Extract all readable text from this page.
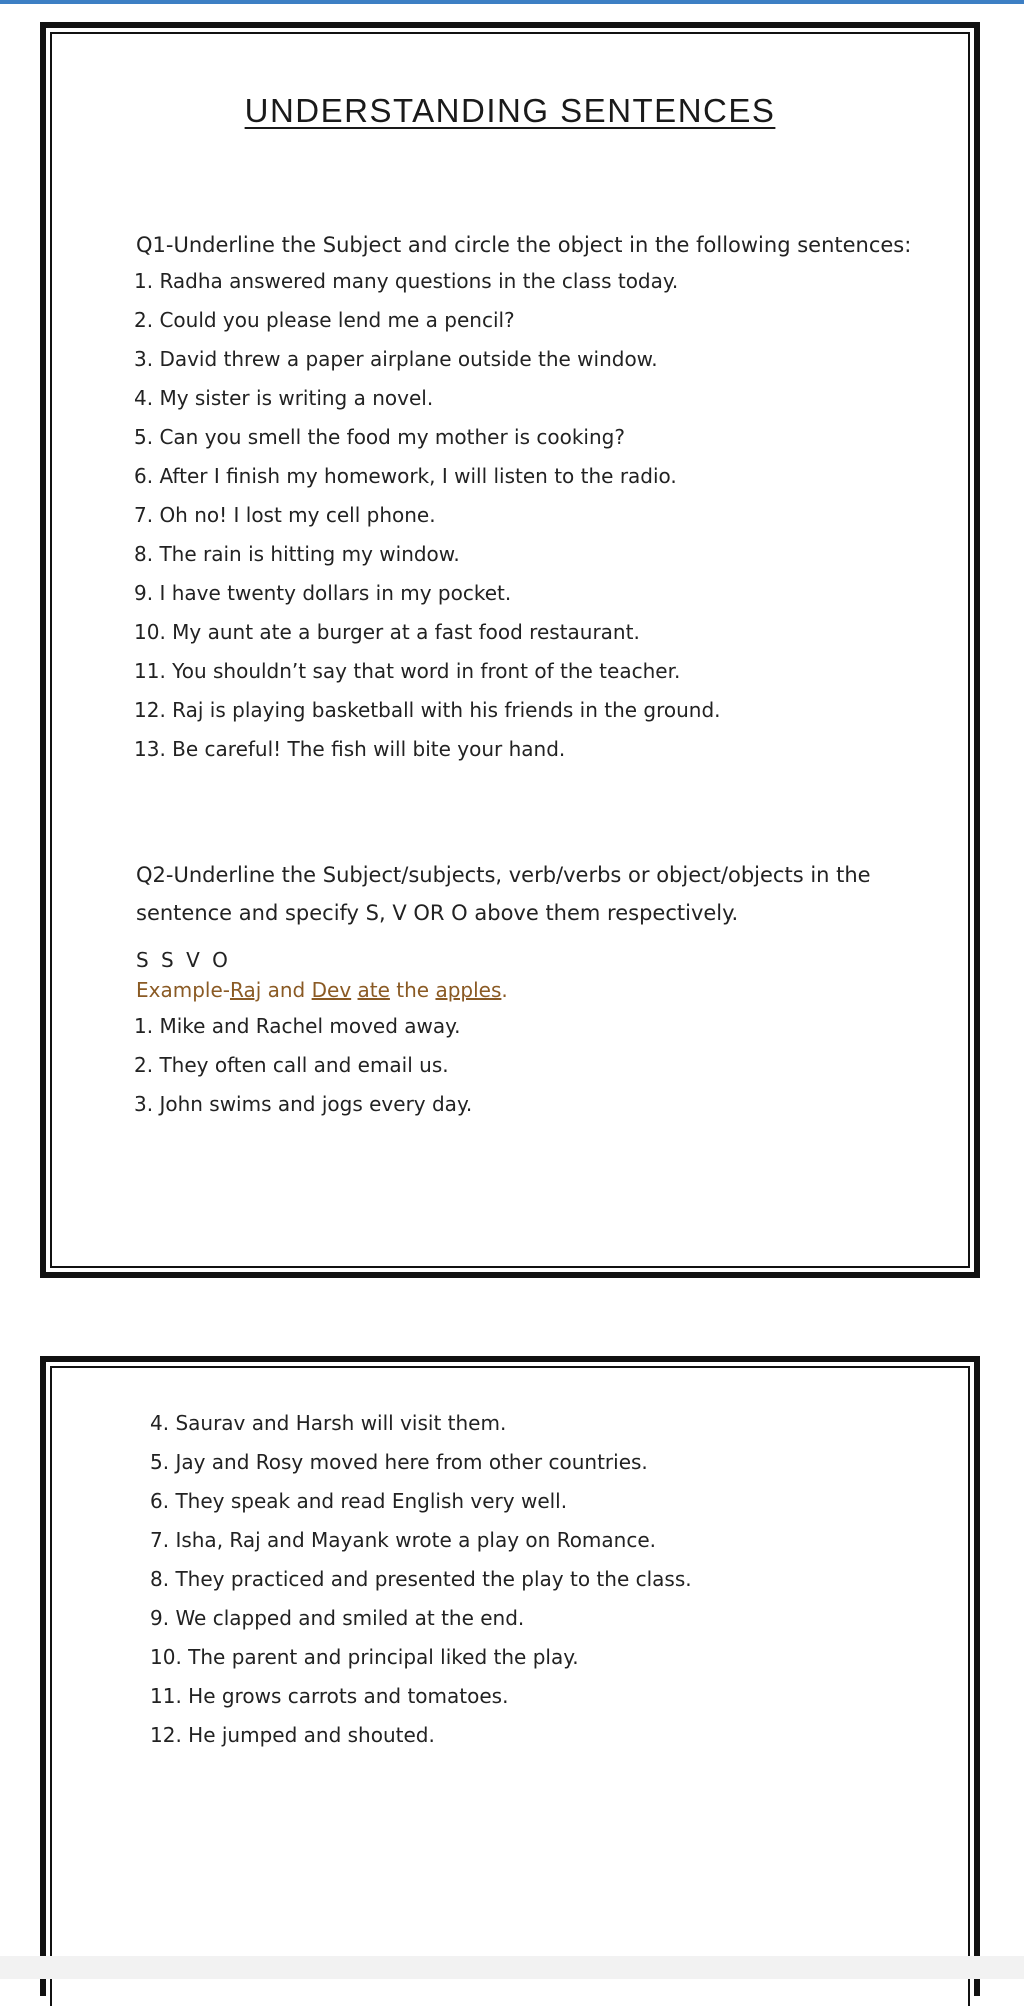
UNDERSTANDING SENTENCES
Q1-Underline the Subject and circle the object in the following sentences:
1. Radha answered many questions in the class today.
2. Could you please lend me a pencil?
3. David threw a paper airplane outside the window.
4. My sister is writing a novel.
5. Can you smell the food my mother is cooking?
6. After I finish my homework, I will listen to the radio.
7. Oh no! I lost my cell phone.
8. The rain is hitting my window.
9. I have twenty dollars in my pocket.
10. My aunt ate a burger at a fast food restaurant.
11. You shouldn’t say that word in front of the teacher.
12. Raj is playing basketball with his friends in the ground.
13. Be careful! The fish will bite your hand.
Q2-Underline the Subject/subjects, verb/verbs or object/objects in the sentence and specify S, V OR O above them respectively.
S S V O
Example-Raj and Dev ate the apples.
1. Mike and Rachel moved away.
2. They often call and email us.
3. John swims and jogs every day.
4. Saurav and Harsh will visit them.
5. Jay and Rosy moved here from other countries.
6. They speak and read English very well.
7. Isha, Raj and Mayank wrote a play on Romance.
8. They practiced and presented the play to the class.
9. We clapped and smiled at the end.
10. The parent and principal liked the play.
11. He grows carrots and tomatoes.
12. He jumped and shouted.
